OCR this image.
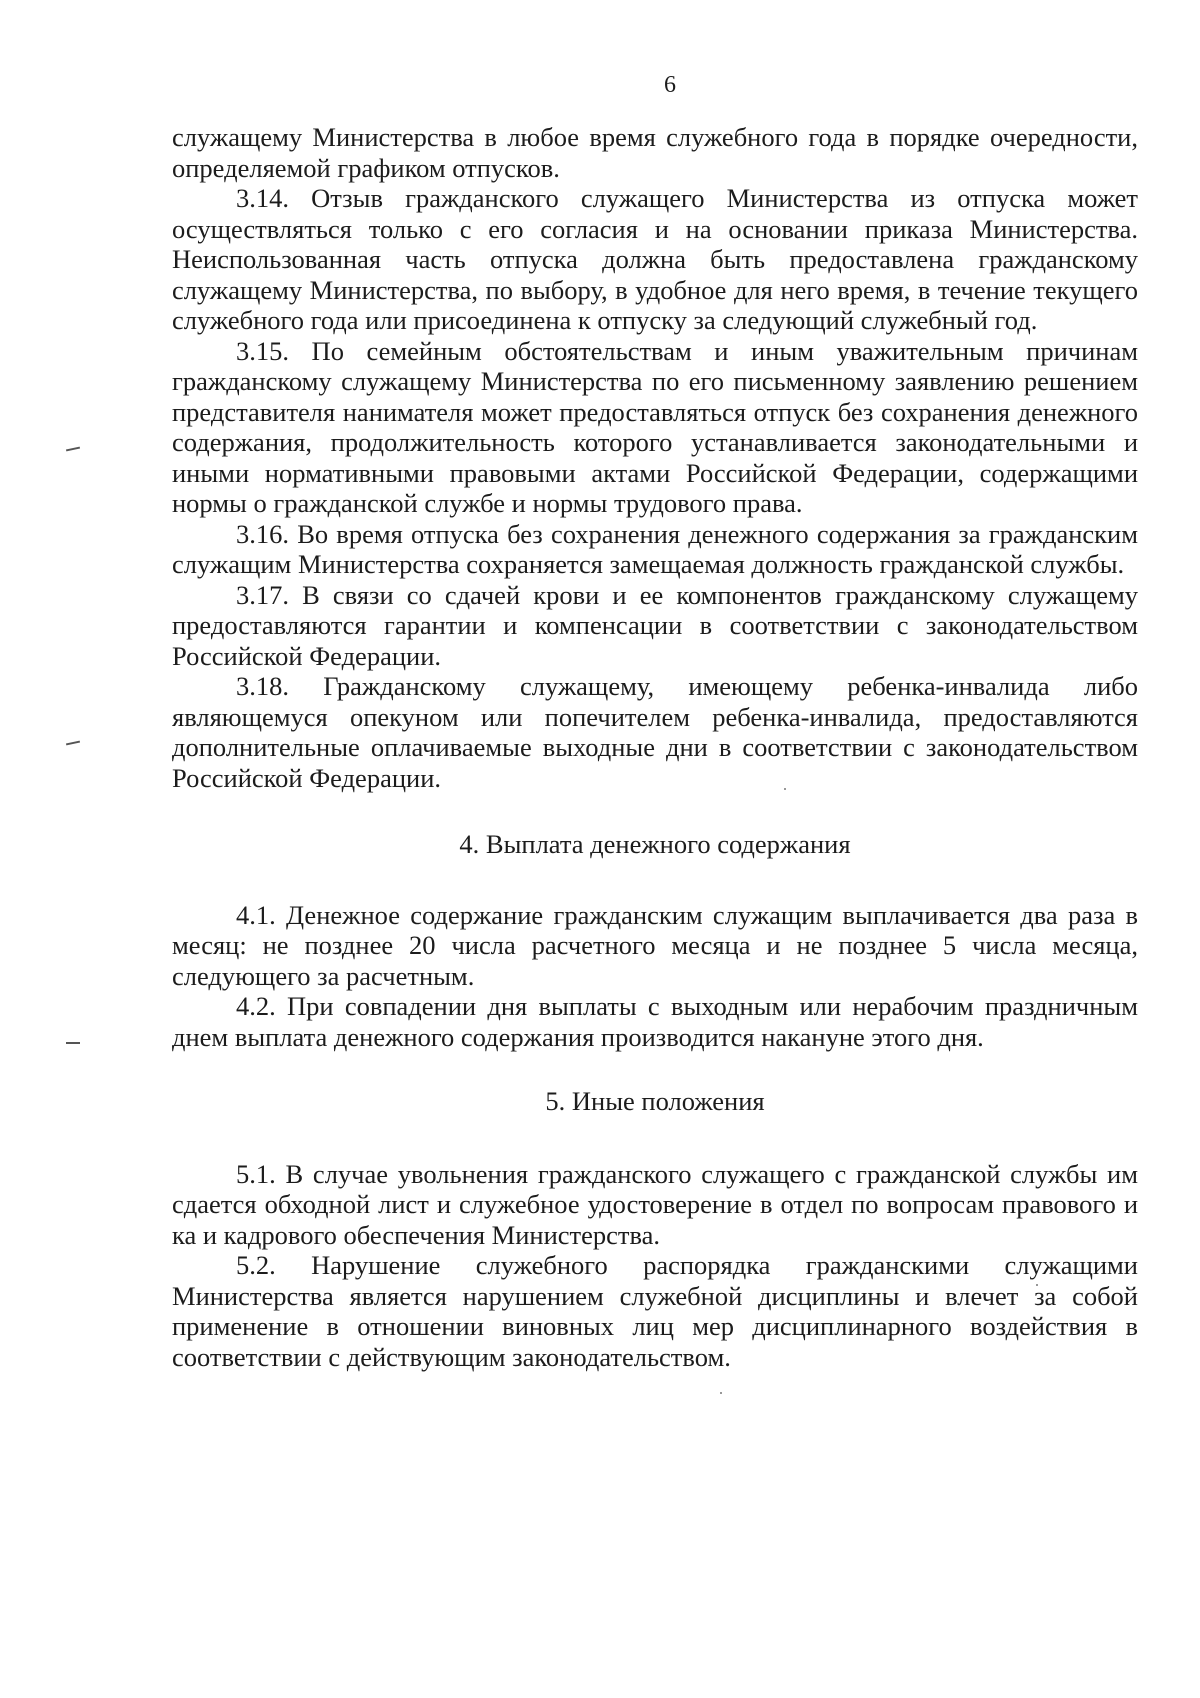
6

служащему Министерства в любое время служебного года в порядке очередности, определяемой графиком отпусков.

3.14. Отзыв гражданского служащего Министерства из отпуска может осуществляться только с его согласия и на основании приказа Министерства. Неиспользованная часть отпуска должна быть предоставлена гражданскому служащему Министерства, по выбору, в удобное для него время, в течение текущего служебного года или присоединена к отпуску за следующий служебный год.

3.15. По семейным обстоятельствам и иным уважительным причинам гражданскому служащему Министерства по его письменному заявлению решением представителя нанимателя может предоставляться отпуск без сохранения денежного содержания, продолжительность которого устанавливается законодательными и иными нормативными правовыми актами Российской Федерации, содержащими нормы о гражданской службе и нормы трудового права.

3.16. Во время отпуска без сохранения денежного содержания за гражданским служащим Министерства сохраняется замещаемая должность гражданской службы.

3.17. В связи со сдачей крови и ее компонентов гражданскому служащему предоставляются гарантии и компенсации в соответствии с законодательством Российской Федерации.

3.18. Гражданскому служащему, имеющему ребенка-инвалида либо являющемуся опекуном или попечителем ребенка-инвалида, предоставляются дополнительные оплачиваемые выходные дни в соответствии с законодательством Российской Федерации.

4. Выплата денежного содержания

4.1. Денежное содержание гражданским служащим выплачивается два раза в месяц: не позднее 20 числа расчетного месяца и не позднее 5 числа месяца, следующего за расчетным.

4.2. При совпадении дня выплаты с выходным или нерабочим праздничным днем выплата денежного содержания производится накануне этого дня.

5. Иные положения

5.1. В случае увольнения гражданского служащего с гражданской службы им сдается обходной лист и служебное удостоверение в отдел по вопросам правового и ка и кадрового обеспечения Министерства.

5.2. Нарушение служебного распорядка гражданскими служащими Министерства является нарушением служебной дисциплины и влечет за собой применение в отношении виновных лиц мер дисциплинарного воздействия в соответствии с действующим законодательством.
